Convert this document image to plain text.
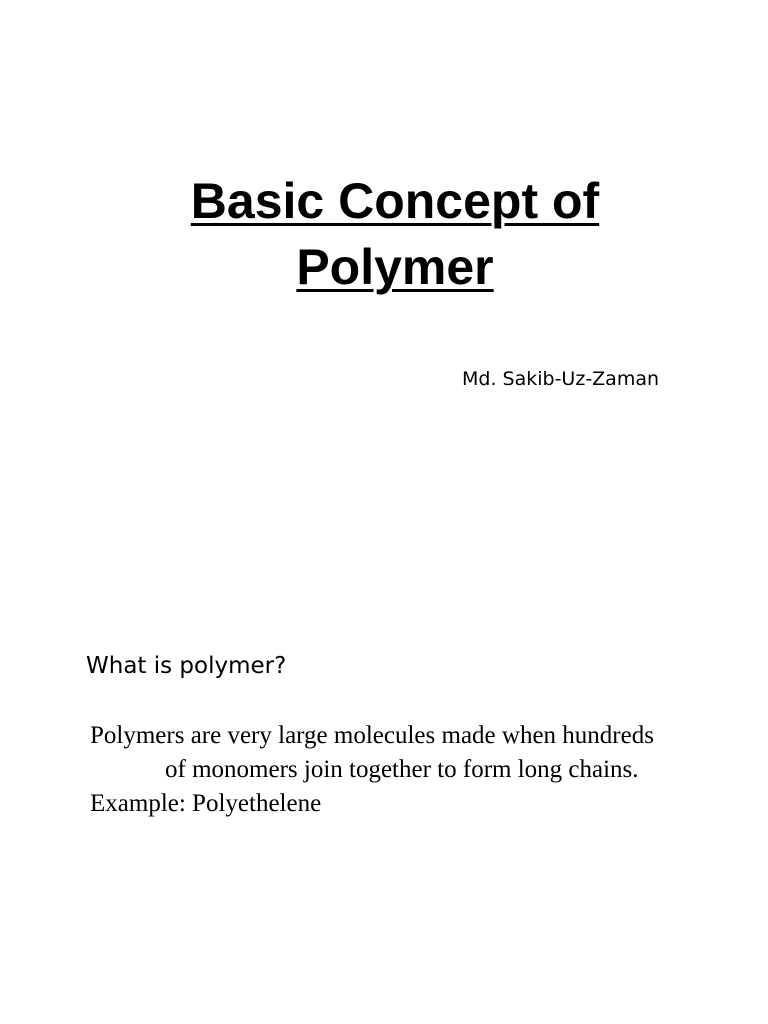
Basic Concept of
Polymer
Md. Sakib-Uz-Zaman
What is polymer?
Polymers are very large molecules made when hundreds
of monomers join together to form long chains.
Example: Polyethelene
